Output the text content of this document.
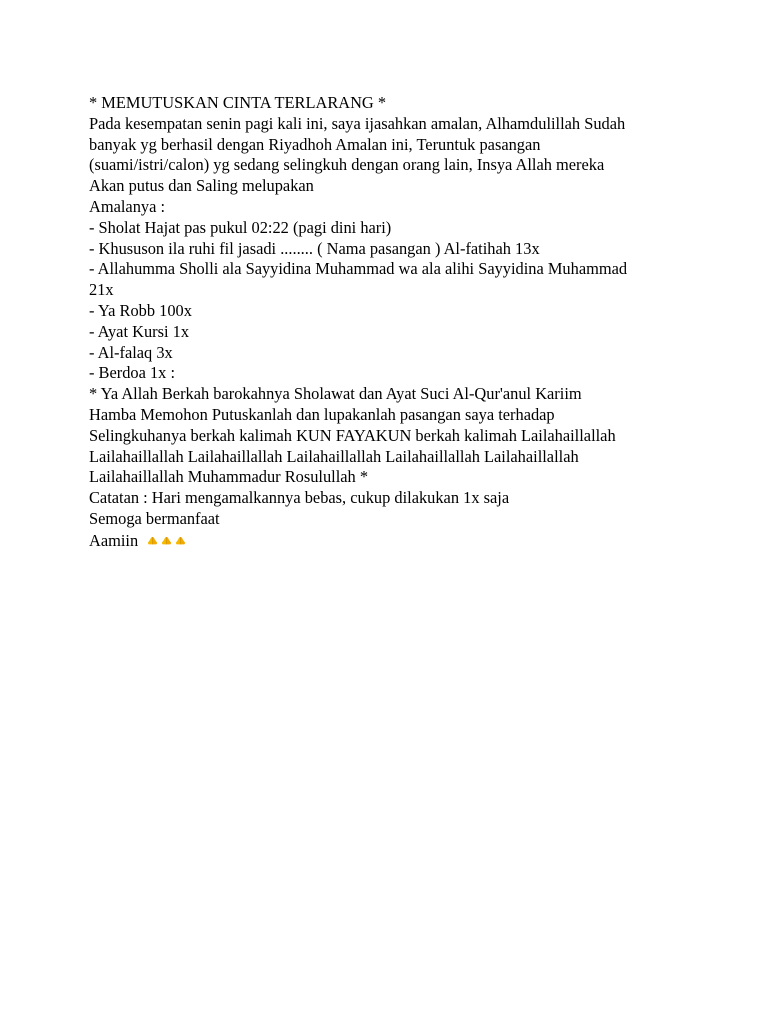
* MEMUTUSKAN CINTA TERLARANG *
Pada kesempatan senin pagi kali ini, saya ijasahkan amalan, Alhamdulillah Sudah
banyak yg berhasil dengan Riyadhoh Amalan ini, Teruntuk pasangan
(suami/istri/calon) yg sedang selingkuh dengan orang lain, Insya Allah mereka
Akan putus dan Saling melupakan
Amalanya :
- Sholat Hajat pas pukul 02:22 (pagi dini hari)
- Khususon ila ruhi fil jasadi ........ ( Nama pasangan ) Al-fatihah 13x
- Allahumma Sholli ala Sayyidina Muhammad wa ala alihi Sayyidina Muhammad
21x
- Ya Robb 100x
- Ayat Kursi 1x
- Al-falaq 3x
- Berdoa 1x :
* Ya Allah Berkah barokahnya Sholawat dan Ayat Suci Al-Qur'anul Kariim
Hamba Memohon Putuskanlah dan lupakanlah pasangan saya terhadap
Selingkuhanya berkah kalimah KUN FAYAKUN berkah kalimah Lailahaillallah
Lailahaillallah Lailahaillallah Lailahaillallah Lailahaillallah Lailahaillallah
Lailahaillallah Muhammadur Rosulullah *
Catatan : Hari mengamalkannya bebas, cukup dilakukan 1x saja
Semoga bermanfaat
Aamiin
